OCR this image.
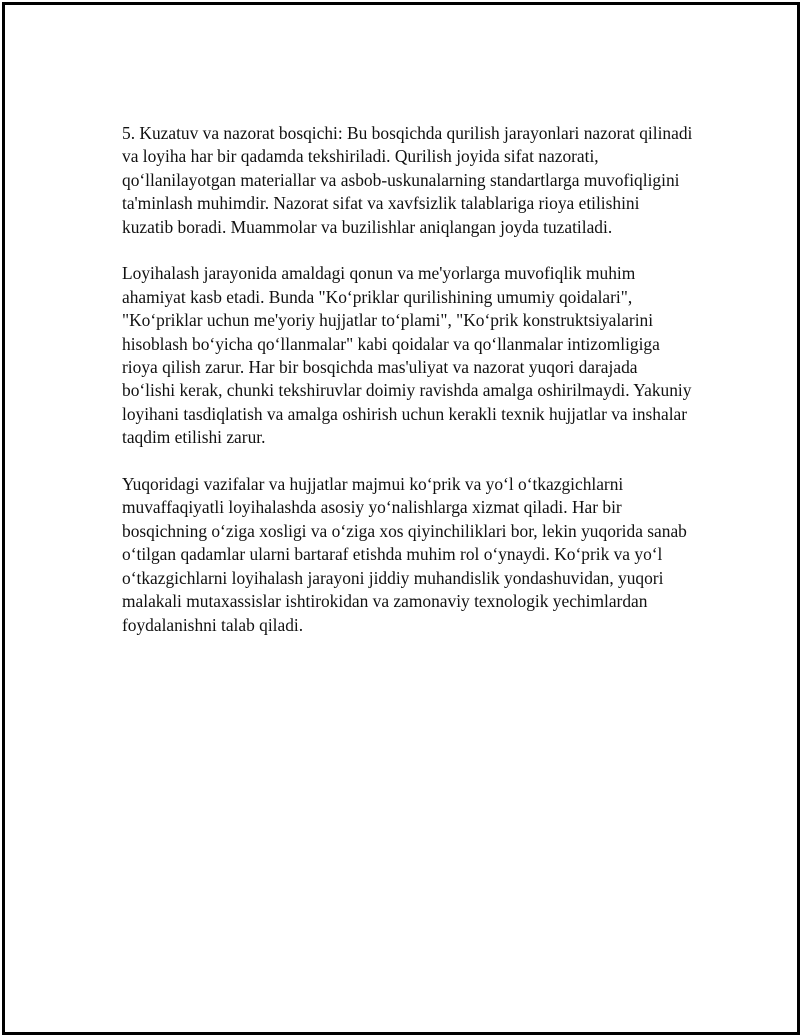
5. Kuzatuv va nazorat bosqichi: Bu bosqichda qurilish jarayonlari nazorat qilinadi va loyiha har bir qadamda tekshiriladi. Qurilish joyida sifat nazorati, qo‘llanilayotgan materiallar va asbob-uskunalarning standartlarga muvofiqligini ta'minlash muhimdir. Nazorat sifat va xavfsizlik talablariga rioya etilishini kuzatib boradi. Muammolar va buzilishlar aniqlangan joyda tuzatiladi.

Loyihalash jarayonida amaldagi qonun va me'yorlarga muvofiqlik muhim ahamiyat kasb etadi. Bunda "Ko‘priklar qurilishining umumiy qoidalari", "Ko‘priklar uchun me'yoriy hujjatlar to‘plami", "Ko‘prik konstruktsiyalarini hisoblash bo‘yicha qo‘llanmalar" kabi qoidalar va qo‘llanmalar intizomligiga rioya qilish zarur. Har bir bosqichda mas'uliyat va nazorat yuqori darajada bo‘lishi kerak, chunki tekshiruvlar doimiy ravishda amalga oshirilmaydi. Yakuniy loyihani tasdiqlatish va amalga oshirish uchun kerakli texnik hujjatlar va inshalar taqdim etilishi zarur.

Yuqoridagi vazifalar va hujjatlar majmui ko‘prik va yo‘l o‘tkazgichlarni muvaffaqiyatli loyihalashda asosiy yo‘nalishlarga xizmat qiladi. Har bir bosqichning o‘ziga xosligi va o‘ziga xos qiyinchiliklari bor, lekin yuqorida sanab o‘tilgan qadamlar ularni bartaraf etishda muhim rol o‘ynaydi. Ko‘prik va yo‘l o‘tkazgichlarni loyihalash jarayoni jiddiy muhandislik yondashuvidan, yuqori malakali mutaxassislar ishtirokidan va zamonaviy texnologik yechimlardan foydalanishni talab qiladi.
